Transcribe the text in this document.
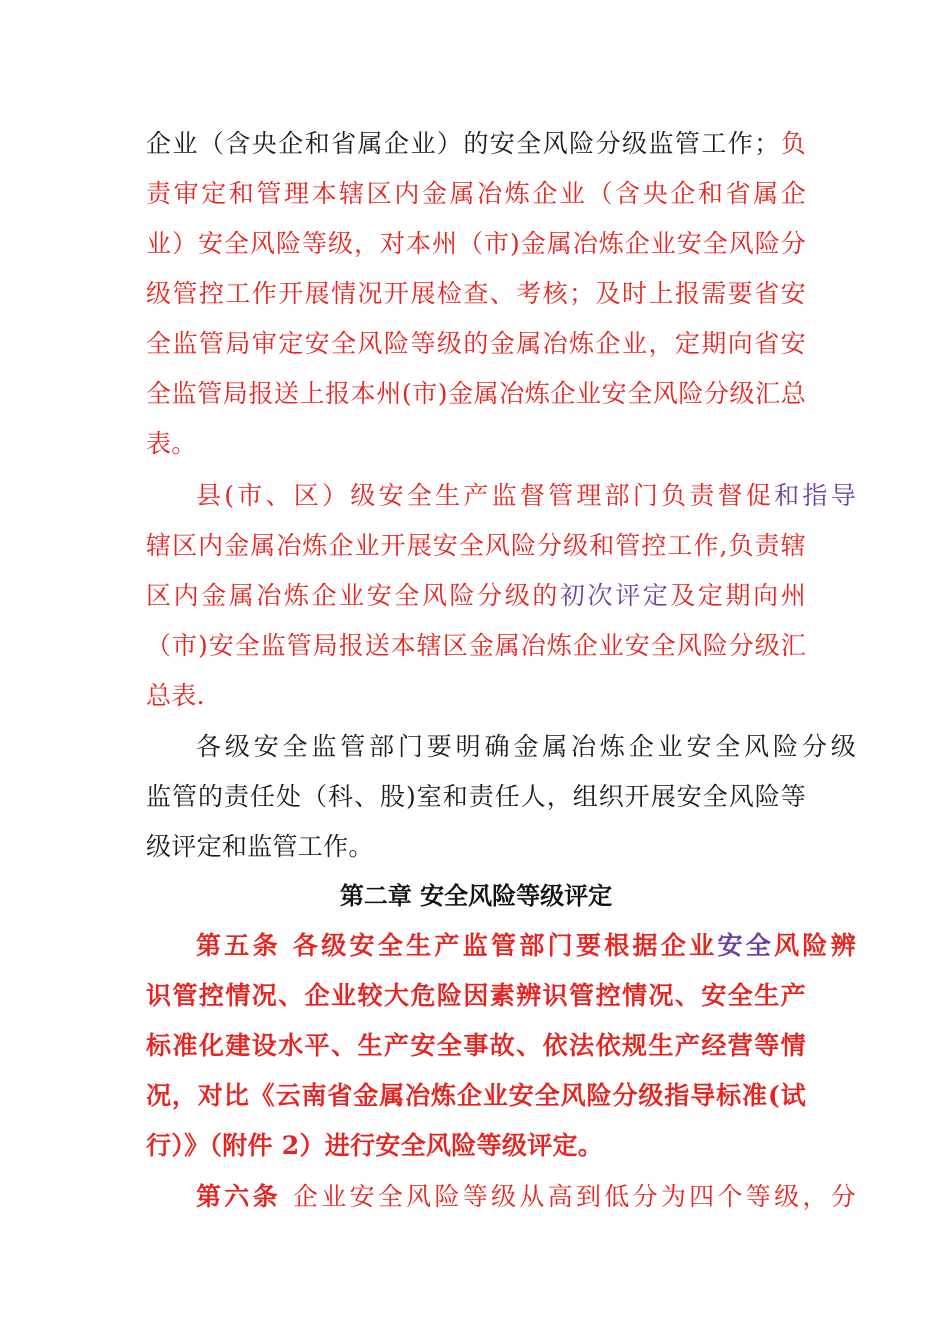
企业（含央企和省属企业）的安全风险分级监管工作；负
责审定和管理本辖区内金属冶炼企业（含央企和省属企
业）安全风险等级，对本州（市)金属冶炼企业安全风险分
级管控工作开展情况开展检查、考核；及时上报需要省安
全监管局审定安全风险等级的金属冶炼企业，定期向省安
全监管局报送上报本州(市)金属冶炼企业安全风险分级汇总
表。
县(市、区）级安全生产监督管理部门负责督促和指导
辖区内金属冶炼企业开展安全风险分级和管控工作,负责辖
区内金属冶炼企业安全风险分级的初次评定及定期向州
（市)安全监管局报送本辖区金属冶炼企业安全风险分级汇
总表.
各级安全监管部门要明确金属冶炼企业安全风险分级
监管的责任处（科、股)室和责任人，组织开展安全风险等
级评定和监管工作。
第二章 安全风险等级评定
第五条 各级安全生产监管部门要根据企业安全风险辨
识管控情况、企业较大危险因素辨识管控情况、安全生产
标准化建设水平、生产安全事故、依法依规生产经营等情
况，对比《云南省金属冶炼企业安全风险分级指导标准(试
行）》（附件 2）进行安全风险等级评定。
第六条 企业安全风险等级从高到低分为四个等级，分
